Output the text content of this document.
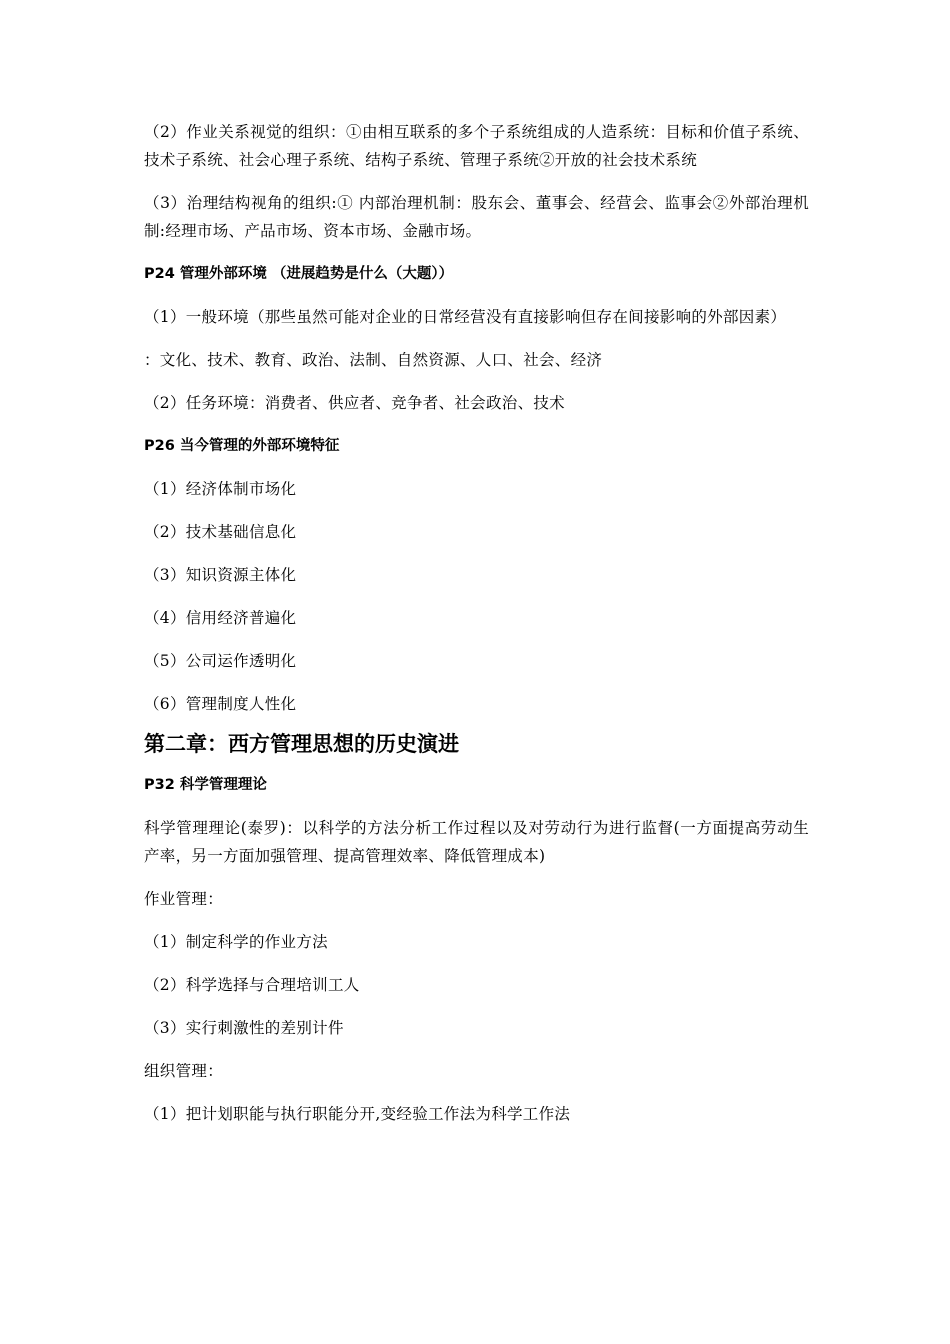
（2）作业关系视觉的组织：①由相互联系的多个子系统组成的人造系统：目标和价值子系统、技术子系统、社会心理子系统、结构子系统、管理子系统②开放的社会技术系统

（3）治理结构视角的组织:① 内部治理机制：股东会、董事会、经营会、监事会②外部治理机制:经理市场、产品市场、资本市场、金融市场。

P24 管理外部环境 （进展趋势是什么（大题））

（1）一般环境（那些虽然可能对企业的日常经营没有直接影响但存在间接影响的外部因素）

：文化、技术、教育、政治、法制、自然资源、人口、社会、经济

（2）任务环境：消费者、供应者、竞争者、社会政治、技术

P26 当今管理的外部环境特征

（1）经济体制市场化

（2）技术基础信息化

（3）知识资源主体化

（4）信用经济普遍化

（5）公司运作透明化

（6）管理制度人性化

第二章：西方管理思想的历史演进
P32 科学管理理论

科学管理理论(泰罗)：以科学的方法分析工作过程以及对劳动行为进行监督(一方面提高劳动生产率，另一方面加强管理、提高管理效率、降低管理成本)

作业管理：

（1）制定科学的作业方法

（2）科学选择与合理培训工人

（3）实行刺激性的差别计件

组织管理：

（1）把计划职能与执行职能分开,变经验工作法为科学工作法
